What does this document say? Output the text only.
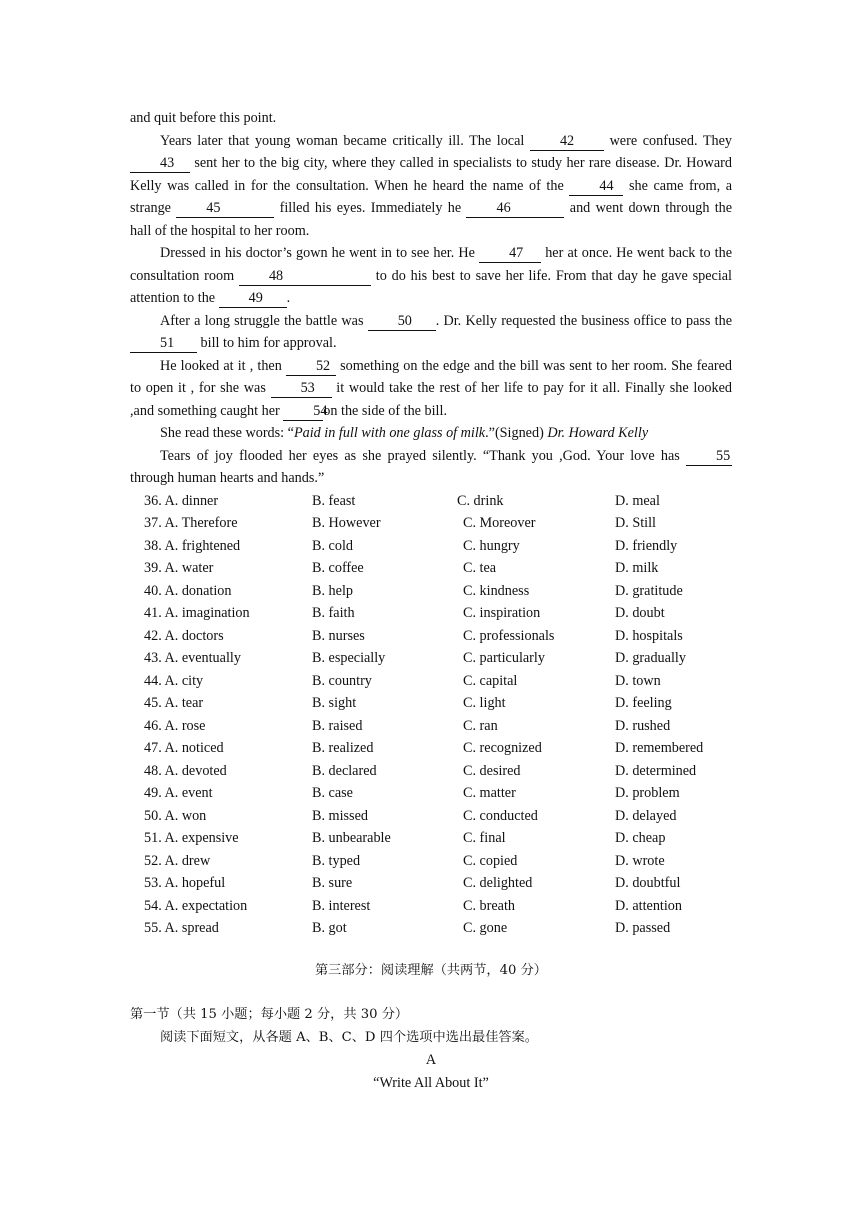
and quit before this point.

Years later that young woman became critically ill. The local	42 were confused. They 43 sent her to the big city, where they called in specialists to study her rare disease. Dr. Howard Kelly was called in for the consultation. When he heard the name of the	44 she came from, a strange 45	filled his eyes. Immediately he 46	and went down through the hall of the hospital to her room.

Dressed in his doctor’s gown he went in to see her. He 47 her at once. He went back to the consultation room 48	to do his best to save her life. From that day he gave special attention to the 49 .

After a long struggle the battle was 50 . Dr. Kelly requested the business office to pass the 51 bill to him for approval.

He looked at it , then 52 something on the edge and the bill was sent to her room. She feared to open it , for she was 53 it would take the rest of her life to pay for it all. Finally she looked ,and something caught her 54on the side of the bill.

She read these words: “Paid in full with one glass of milk.”(Signed) Dr. Howard Kelly

Tears of joy flooded her eyes as she prayed silently. “Thank you ,God. Your love has	55 through human hearts and hands.”

36. A. dinner	B. feast	C. drink	D. meal
37. A. Therefore	B. However	C. Moreover	D. Still
38. A. frightened	B. cold	C. hungry	D. friendly
39. A. water	B. coffee	C. tea	D. milk
40. A. donation	B. help	C. kindness	D. gratitude
41. A. imagination	B. faith	C. inspiration	D. doubt
42. A. doctors	B. nurses	C. professionals	D. hospitals
43. A. eventually	B. especially	C. particularly	D. gradually
44. A. city	B. country	C. capital	D. town
45. A. tear	B. sight	C. light	D. feeling
46. A. rose	B. raised	C. ran	D. rushed
47. A. noticed	B. realized	C. recognized	D. remembered
48. A. devoted	B. declared	C. desired	D. determined
49. A. event	B. case	C. matter	D. problem
50. A. won	B. missed	C. conducted	D. delayed
51. A. expensive	B. unbearable	C. final	D. cheap
52. A. drew	B. typed	C. copied	D. wrote
53. A. hopeful	B. sure	C. delighted	D. doubtful
54. A. expectation	B. interest	C. breath	D. attention
55. A. spread	B. got	C. gone	D. passed

第三部分：阅读理解（共两节，40 分）

第一节（共 15 小题；每小题 2 分，共 30 分）

阅读下面短文，从各题 A、B、C、D 四个选项中选出最佳答案。

A

“Write All About It”
